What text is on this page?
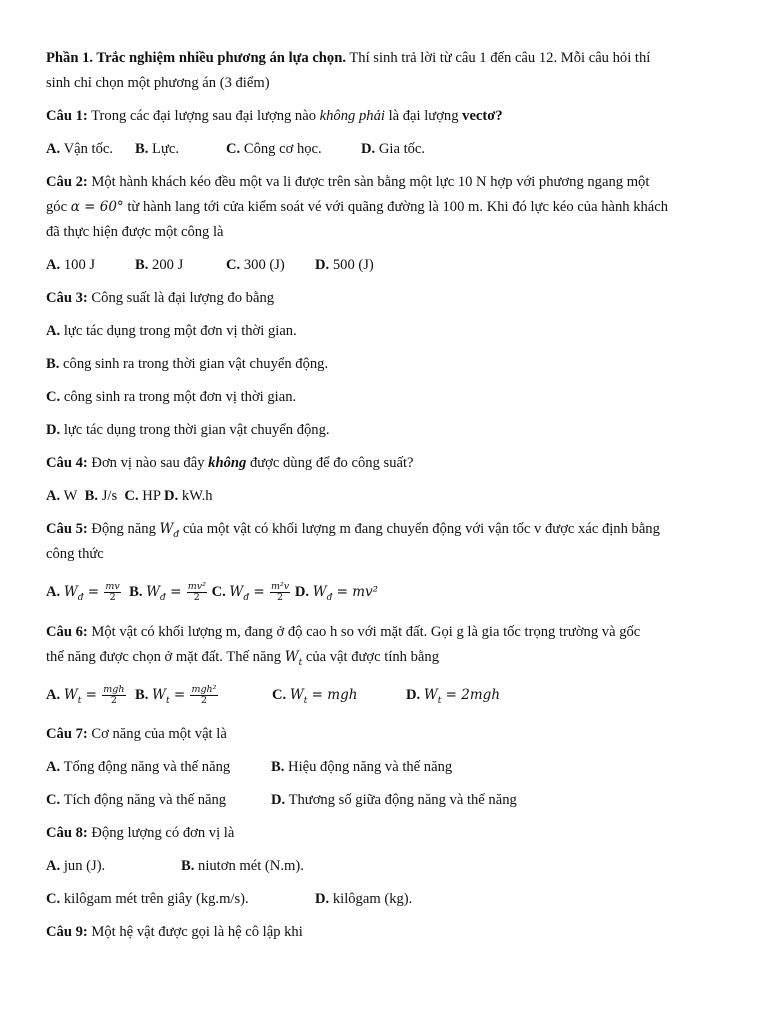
Phần 1. Trắc nghiệm nhiều phương án lựa chọn. Thí sinh trả lời từ câu 1 đến câu 12. Mỗi câu hỏi thí

sinh chỉ chọn một phương án (3 điểm)

Câu 1: Trong các đại lượng sau đại lượng nào không phải là đại lượng vectơ?

A. Vận tốc. B. Lực.	C. Công cơ học.	D. Gia tốc.

Câu 2: Một hành khách kéo đều một va li được trên sàn bằng một lực 10 N hợp với phương ngang một

góc α = 60° từ hành lang tới cửa kiểm soát vé với quãng đường là 100 m. Khi đó lực kéo của hành khách

đã thực hiện được một công là

A. 100 J	B. 200 J	C. 300 (J) D. 500 (J)

Câu 3: Công suất là đại lượng đo bằng

A. lực tác dụng trong một đơn vị thời gian.

B. công sinh ra trong thời gian vật chuyển động.

C. công sinh ra trong một đơn vị thời gian.

D. lực tác dụng trong thời gian vật chuyển động.

Câu 4: Đơn vị nào sau đây không được dùng để đo công suất?

A. W B. J/s C. HP D. kW.h

Câu 5: Động năng $W_đ$ của một vật có khối lượng m đang chuyển động với vận tốc v được xác định bằng

công thức

A. $W_đ = \frac{mv}{2} B$. $W_đ = \frac{\text{mv²}}{2} C$. $W_đ = \frac{\text{m²v}}{2} D$. $W_đ = mv^2$

Câu 6: Một vật có khối lượng m, đang ở độ cao h so với mặt đất. Gọi g là gia tốc trọng trường và gốc

thế năng được chọn ở mặt đất. Thế năng $W_t$ của vật được tính bằng

A. $W_t = \frac{\text{mgh}}{2} B$. $W_t = \frac{\text{mgh²}}{2}$	C. $W_t$ = mgh	D. $W_t = 2mgh$

Câu 7: Cơ năng của một vật là

A. Tổng động năng và thế năng	B. Hiệu động năng và thế năng

C. Tích động năng và thế năng	D. Thương số giữa động năng và thế năng

Câu 8: Động lượng có đơn vị là

A. jun (J).	B. niutơn mét (N.m).

C. kilôgam mét trên giây (kg.m/s).	D. kilôgam (kg).

Câu 9: Một hệ vật được gọi là hệ cô lập khi
